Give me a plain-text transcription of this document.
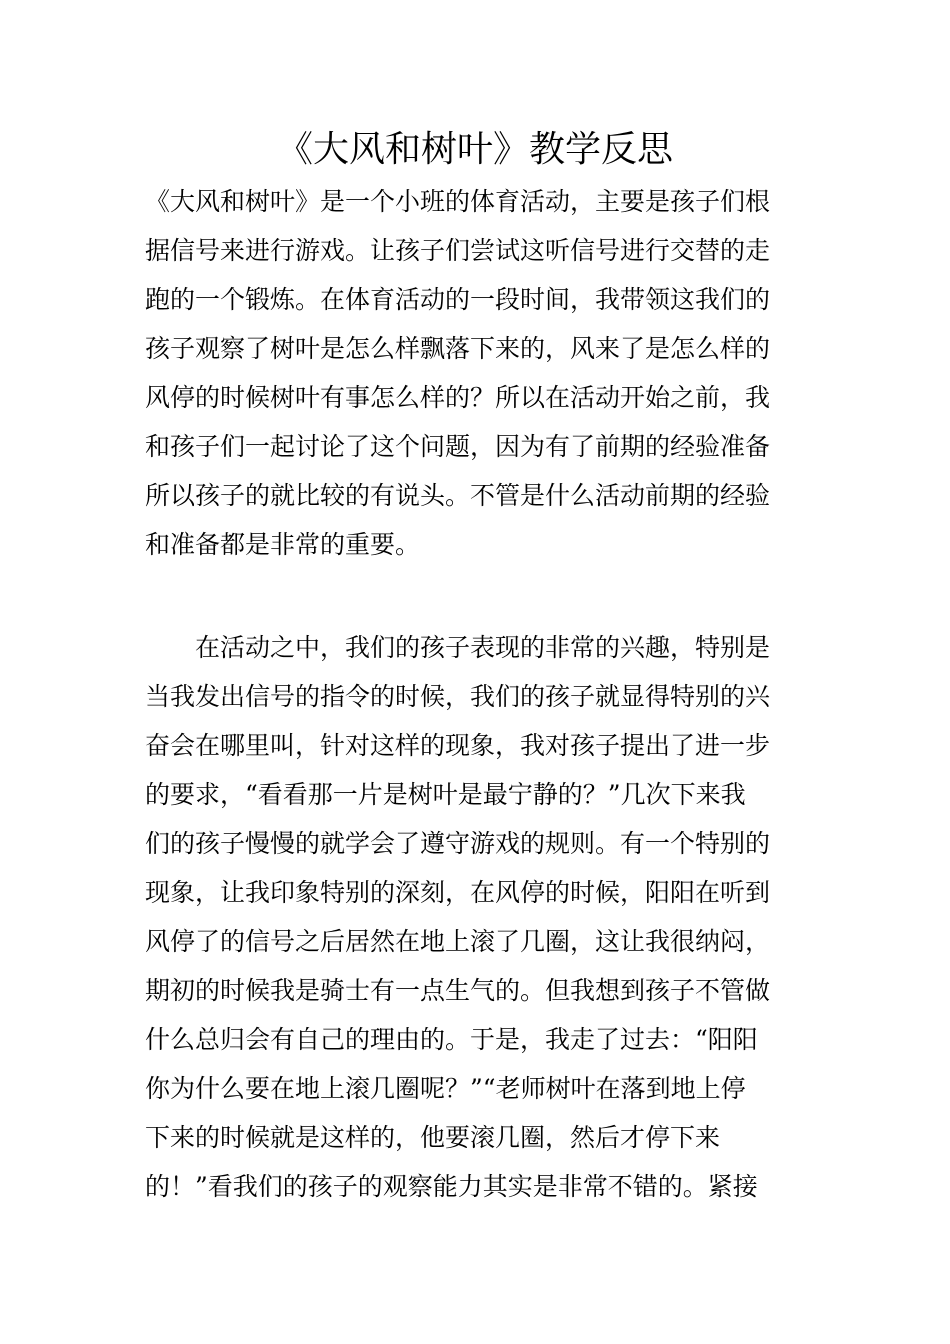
《大风和树叶》教学反思
《大风和树叶》是一个小班的体育活动，主要是孩子们根
据信号来进行游戏。让孩子们尝试这听信号进行交替的走
跑的一个锻炼。在体育活动的一段时间，我带领这我们的
孩子观察了树叶是怎么样飘落下来的，风来了是怎么样的
风停的时候树叶有事怎么样的？所以在活动开始之前，我
和孩子们一起讨论了这个问题，因为有了前期的经验准备
所以孩子的就比较的有说头。不管是什么活动前期的经验
和准备都是非常的重要。
　　在活动之中，我们的孩子表现的非常的兴趣，特别是
当我发出信号的指令的时候，我们的孩子就显得特别的兴
奋会在哪里叫，针对这样的现象，我对孩子提出了进一步
的要求，“看看那一片是树叶是最宁静的？”几次下来我
们的孩子慢慢的就学会了遵守游戏的规则。有一个特别的
现象，让我印象特别的深刻，在风停的时候，阳阳在听到
风停了的信号之后居然在地上滚了几圈，这让我很纳闷，
期初的时候我是骑士有一点生气的。但我想到孩子不管做
什么总归会有自己的理由的。于是，我走了过去：“阳阳
你为什么要在地上滚几圈呢？”“老师树叶在落到地上停
下来的时候就是这样的，他要滚几圈，然后才停下来
的！”看我们的孩子的观察能力其实是非常不错的。紧接
